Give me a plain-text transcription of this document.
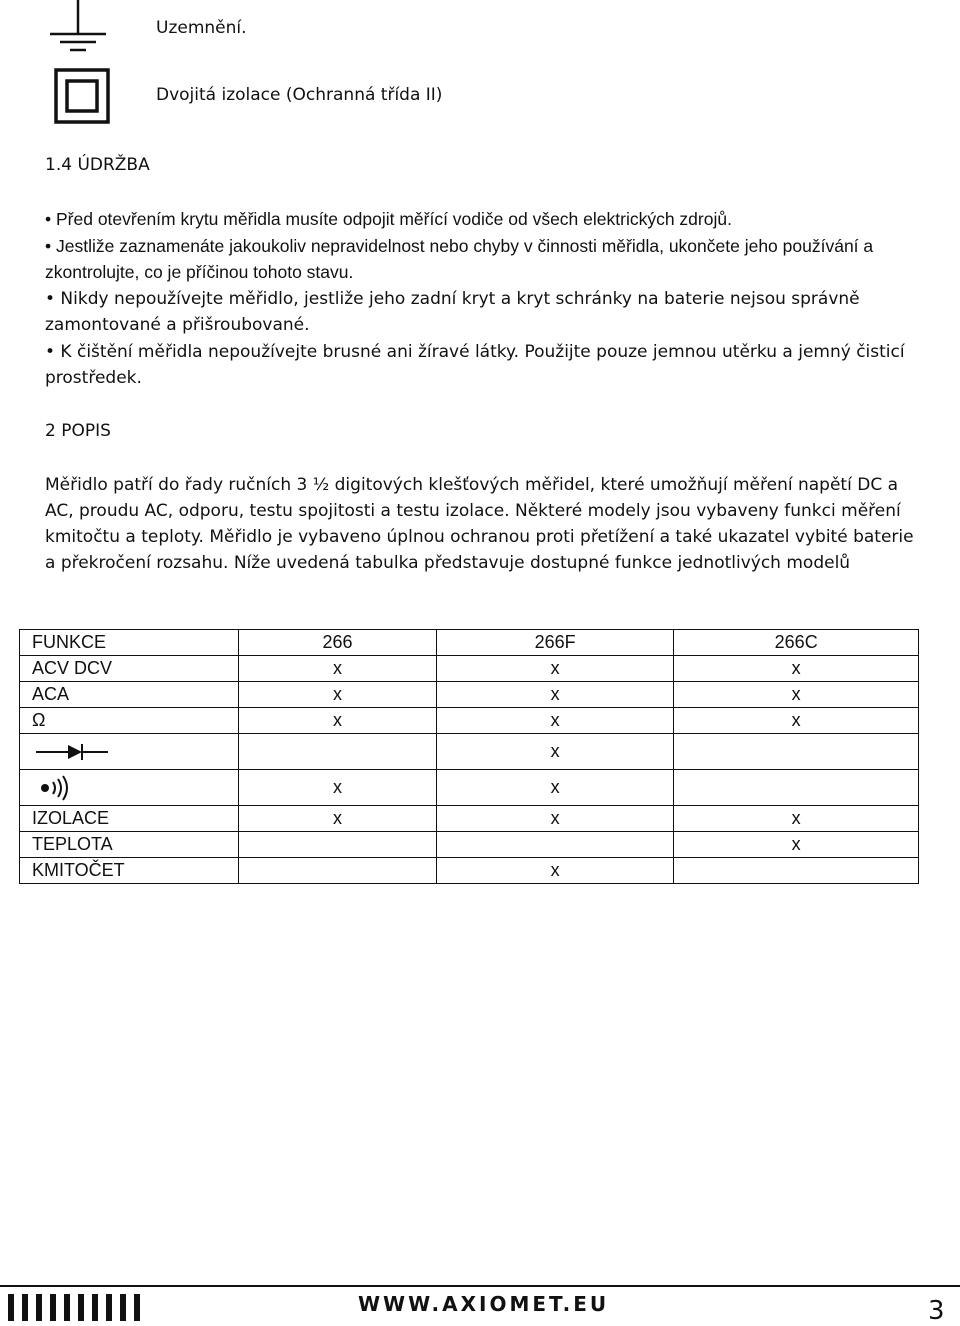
Uzemnění.
Dvojitá izolace (Ochranná třída II)
1.4 ÚDRŽBA

• Před otevřením krytu měřidla musíte odpojit měřící vodiče od všech elektrických zdrojů.

• Jestliže zaznamenáte jakoukoliv nepravidelnost nebo chyby v činnosti měřidla, ukončete jeho používání a zkontrolujte, co je příčinou tohoto stavu.

• Nikdy nepoužívejte měřidlo, jestliže jeho zadní kryt a kryt schránky na baterie nejsou správně zamontované a přišroubované.

• K čištění měřidla nepoužívejte brusné ani žíravé látky. Použijte pouze jemnou utěrku a jemný čisticí prostředek.

2 POPIS
Měřidlo patří do řady ručních 3 ½ digitových klešťových měřidel, které umožňují měření napětí DC a AC, proudu AC, odporu, testu spojitosti a testu izolace. Některé modely jsou vybaveny funkci měření kmitočtu a teploty. Měřidlo je vybaveno úplnou ochranou proti přetížení a také ukazatel vybité baterie a překročení rozsahu. Níže uvedená tabulka představuje dostupné funkce jednotlivých modelů
FUNKCE	266	266F	266C
ACV DCV	x	x	x
ACA	x	x	x
Ω	x	x	x

		x	

	x	x	
IZOLACE	x	x	x
TEPLOTA			x
KMITOČET		x	
WWW.AXIOMET.EU	3
